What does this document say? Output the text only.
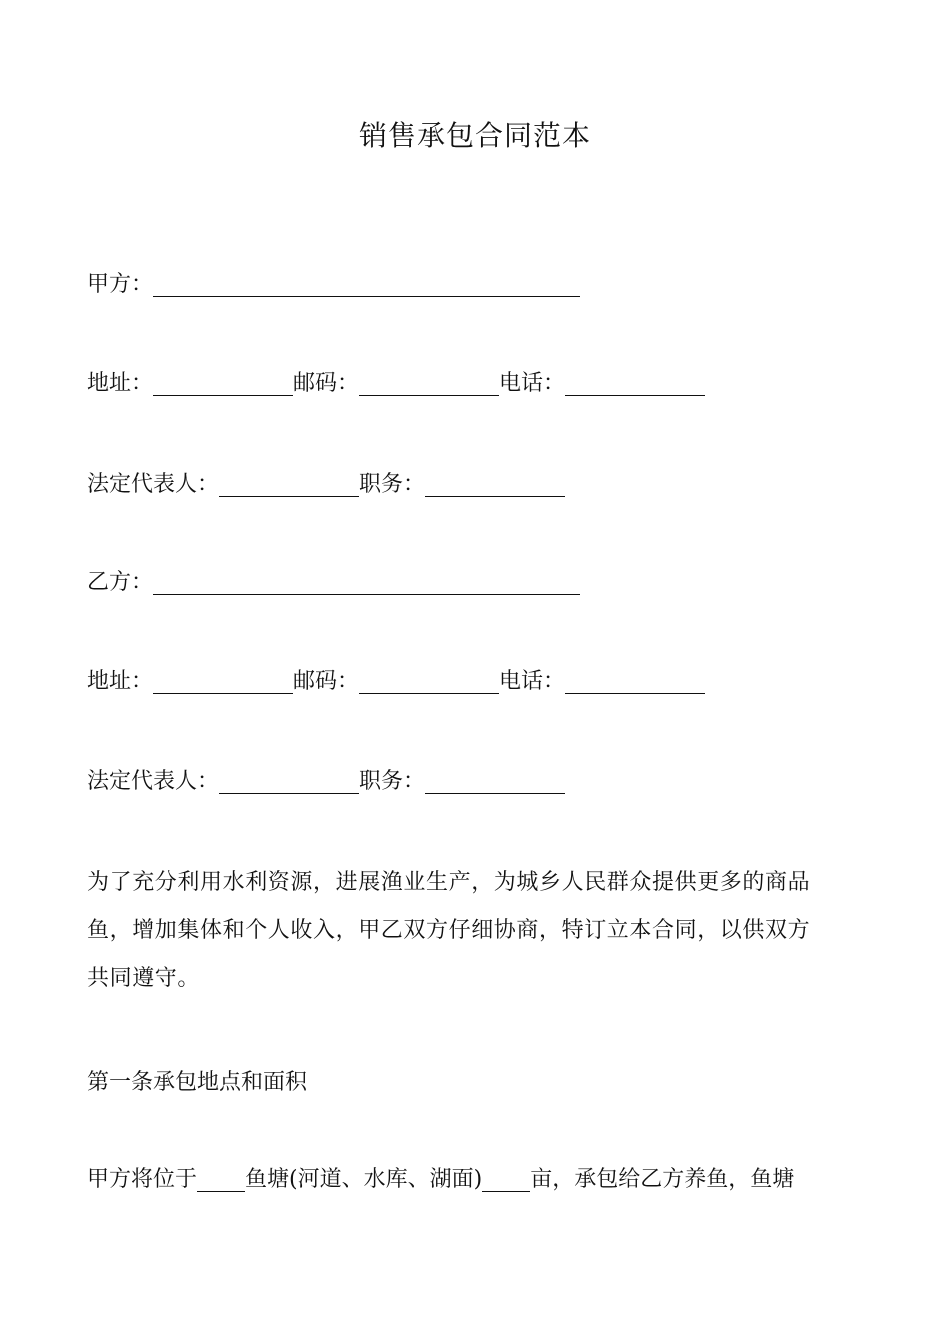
销售承包合同范本
甲方：
地址：	邮码：	电话：
法定代表人：	职务：
乙方：
地址：	邮码：	电话：
法定代表人：	职务：
为了充分利用水利资源，进展渔业生产，为城乡人民群众提供更多的商品
鱼，增加集体和个人收入，甲乙双方仔细协商，特订立本合同，以供双方
共同遵守。
第一条承包地点和面积
甲方将位于 鱼塘(河道、水库、湖面) 亩，承包给乙方养鱼，鱼塘
